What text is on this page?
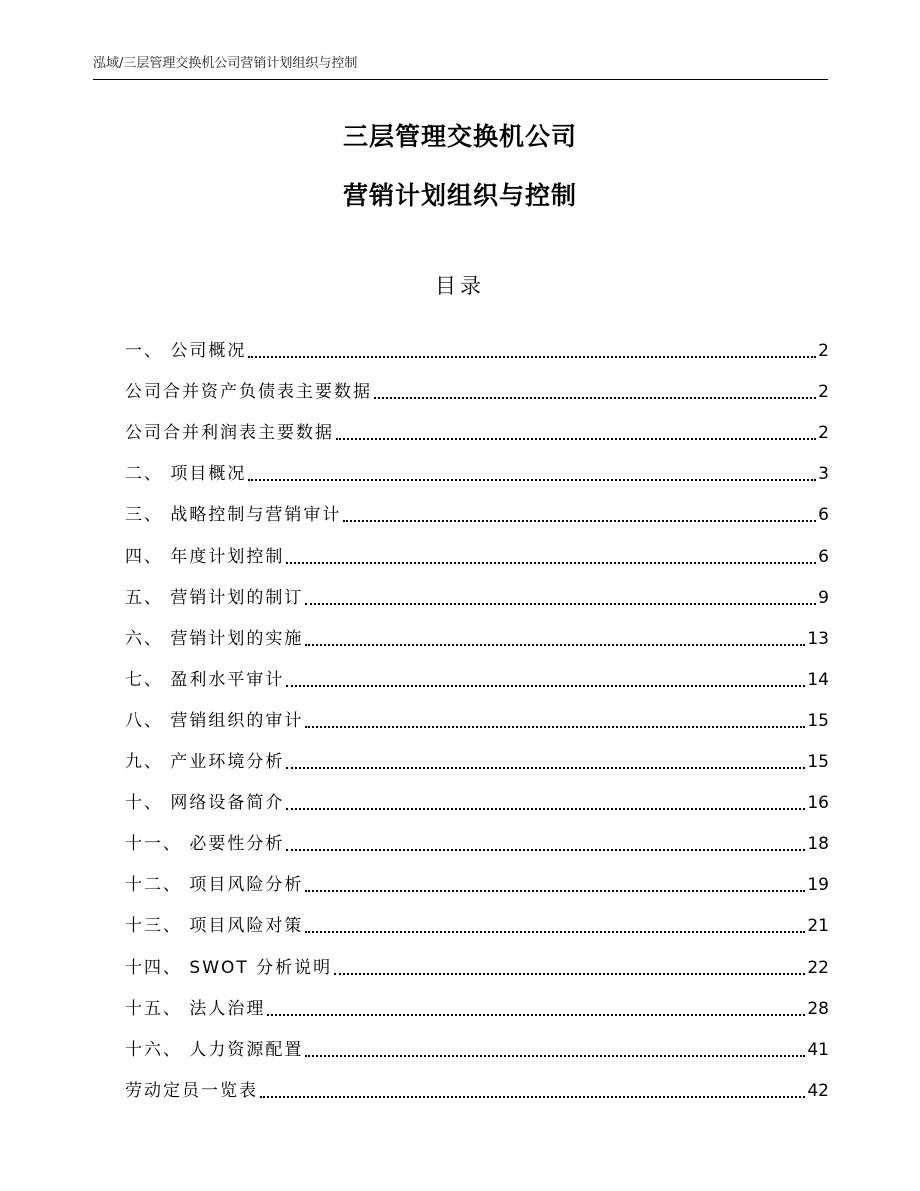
泓域/三层管理交换机公司营销计划组织与控制
三层管理交换机公司
营销计划组织与控制
目录
一、 公司概况	2
公司合并资产负债表主要数据	2
公司合并利润表主要数据	2
二、 项目概况	3
三、 战略控制与营销审计	6
四、 年度计划控制	6
五、 营销计划的制订	9
六、 营销计划的实施	13
七、 盈利水平审计	14
八、 营销组织的审计	15
九、 产业环境分析	15
十、 网络设备简介	16
十一、 必要性分析	18
十二、 项目风险分析	19
十三、 项目风险对策	21
十四、 SWOT 分析说明	22
十五、 法人治理	28
十六、 人力资源配置	41
劳动定员一览表	42
